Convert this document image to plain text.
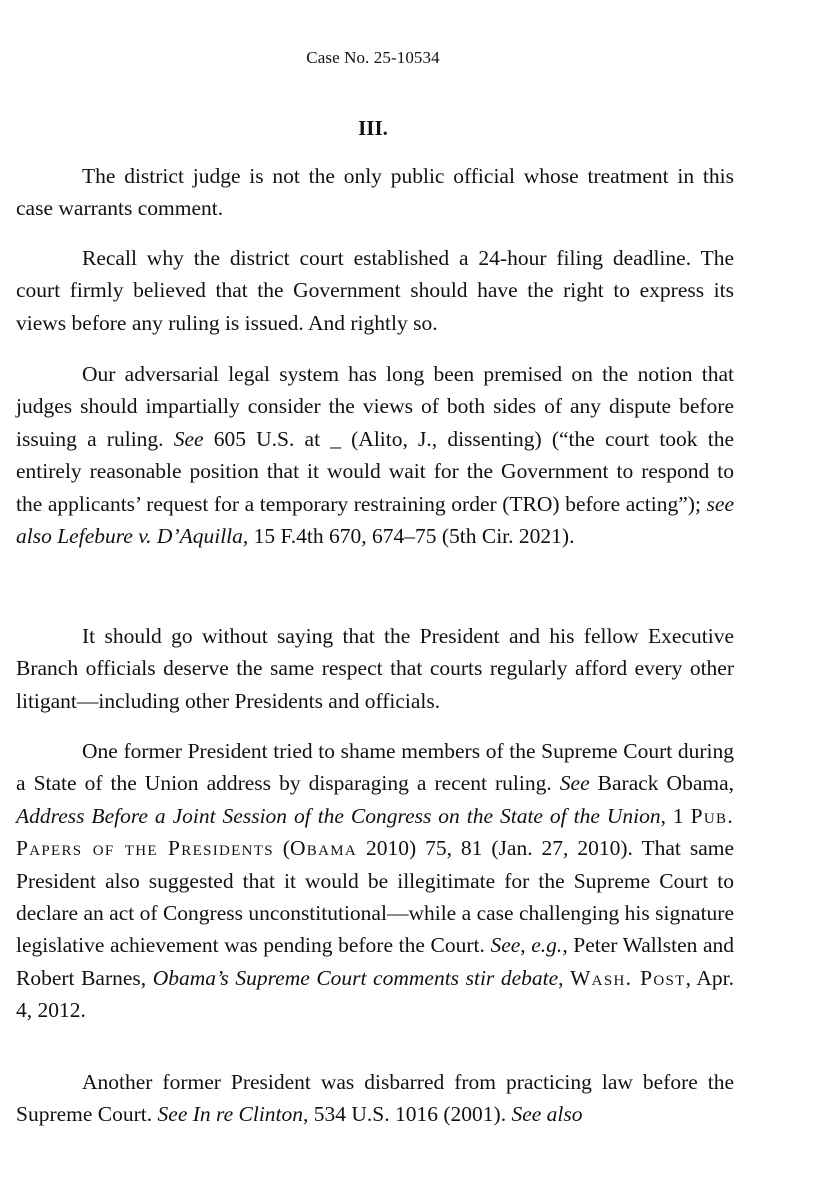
Case No. 25-10534
III.

The district judge is not the only public official whose treatment in this case warrants comment.

Recall why the district court established a 24-hour filing deadline. The court firmly believed that the Government should have the right to express its views before any ruling is issued. And rightly so.

Our adversarial legal system has long been premised on the notion that judges should impartially consider the views of both sides of any dispute before issuing a ruling. See 605 U.S. at _ (Alito, J., dissenting) (“the court took the entirely reasonable position that it would wait for the Government to respond to the applicants’ request for a temporary restraining order (TRO) before acting”); see also Lefebure v. D’Aquilla, 15 F.4th 670, 674–75 (5th Cir. 2021).

It should go without saying that the President and his fellow Executive Branch officials deserve the same respect that courts regularly afford every other litigant—including other Presidents and officials.

One former President tried to shame members of the Supreme Court during a State of the Union address by disparaging a recent ruling. See Barack Obama, Address Before a Joint Session of the Congress on the State of the Union, 1 Pub. Papers of the Presidents (Obama 2010) 75, 81 (Jan. 27, 2010). That same President also suggested that it would be illegitimate for the Supreme Court to declare an act of Congress unconstitutional—while a case challenging his signature legislative achievement was pending before the Court. See, e.g., Peter Wallsten and Robert Barnes, Obama’s Supreme Court comments stir debate, Wash. Post, Apr. 4, 2012.

Another former President was disbarred from practicing law before the Supreme Court. See In re Clinton, 534 U.S. 1016 (2001). See also
